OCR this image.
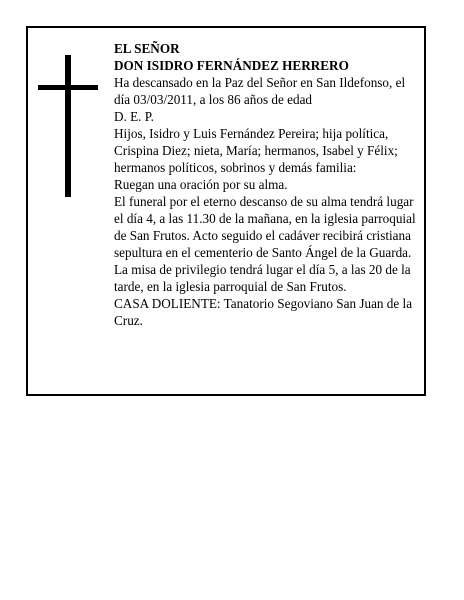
EL SEÑOR

DON ISIDRO FERNÁNDEZ HERRERO

Ha descansado en la Paz del Señor en San Ildefonso, el día 03/03/2011, a los 86 años de edad

D. E. P.

Hijos, Isidro y Luis Fernández Pereira; hija política, Crispina Diez; nieta, María; hermanos, Isabel y Félix; hermanos políticos, sobrinos y demás familia:

Ruegan una oración por su alma.

El funeral por el eterno descanso de su alma tendrá lugar el día 4, a las 11.30 de la mañana, en la iglesia parroquial de San Frutos. Acto seguido el cadáver recibirá cristiana sepultura en el cementerio de Santo Ángel de la Guarda. La misa de privilegio tendrá lugar el día 5, a las 20 de la tarde, en la iglesia parroquial de San Frutos.

CASA DOLIENTE: Tanatorio Segoviano San Juan de la Cruz.
